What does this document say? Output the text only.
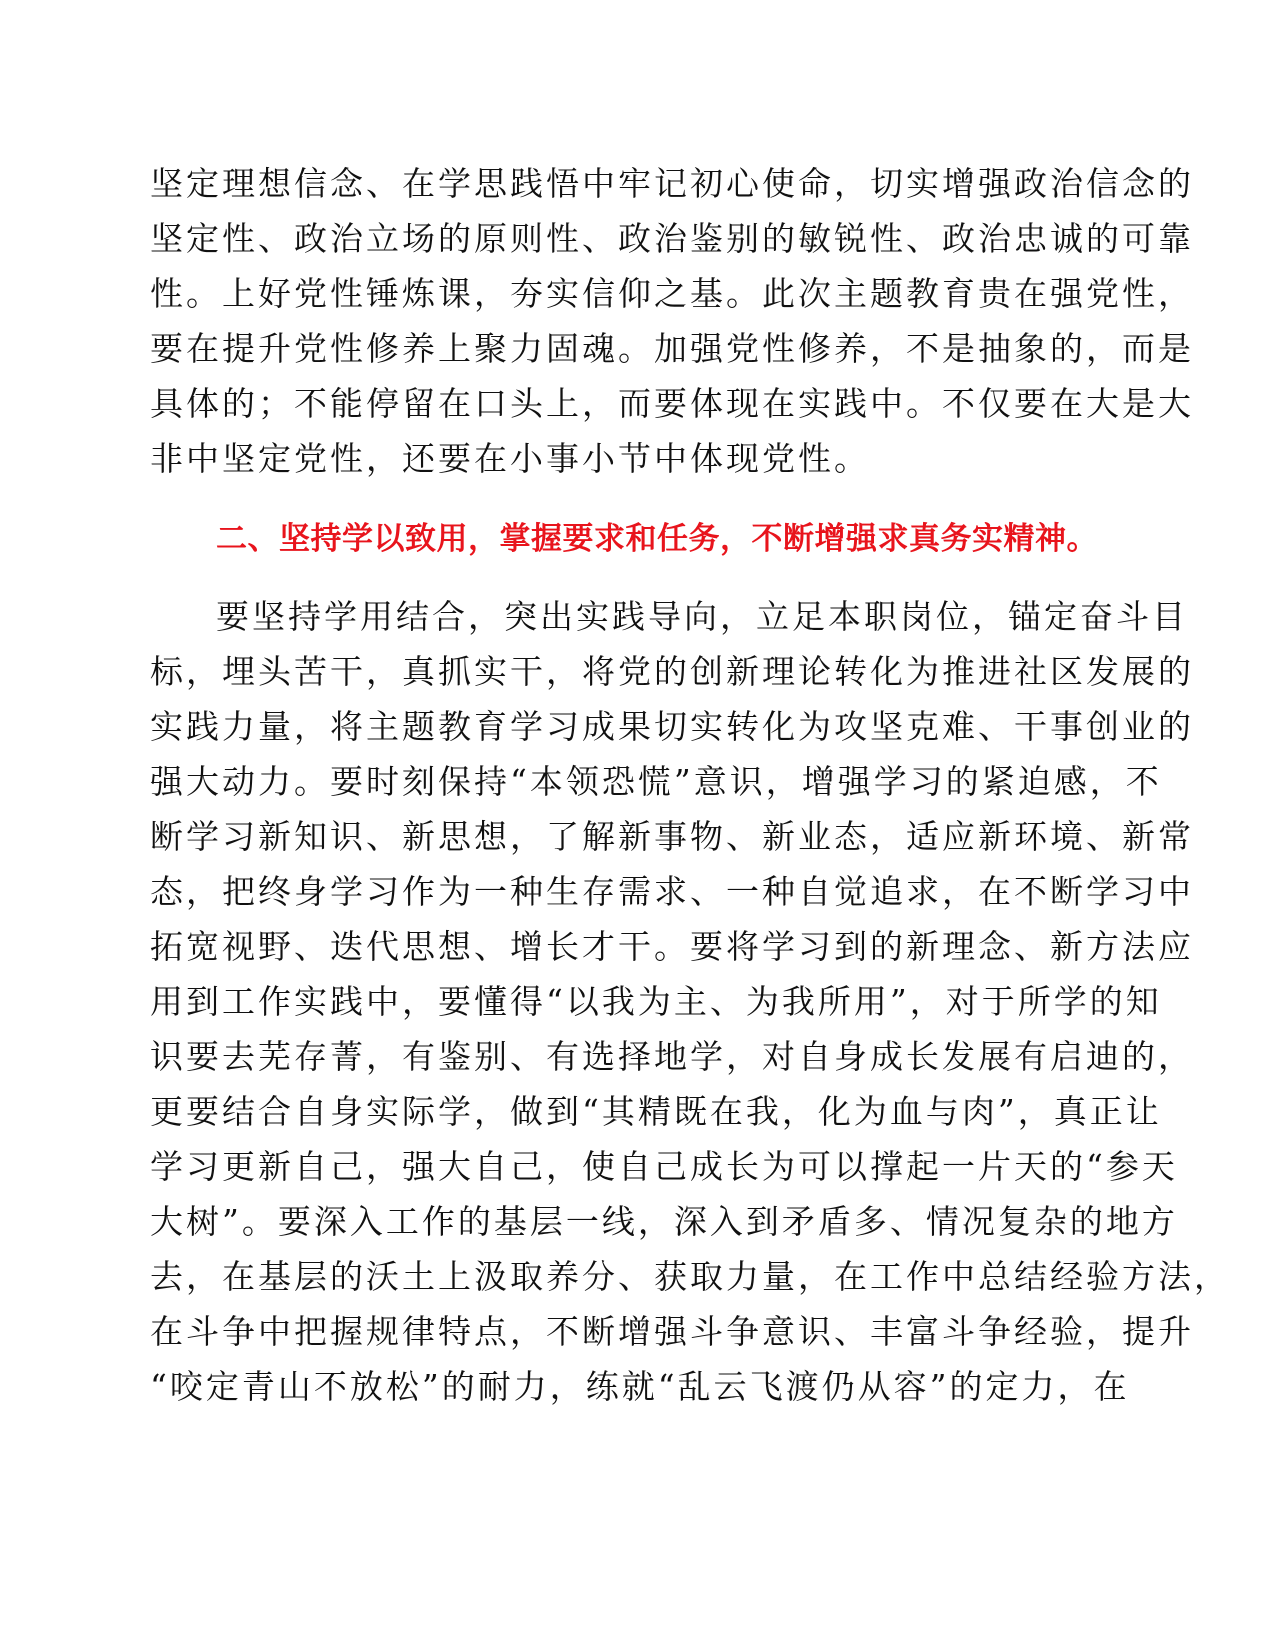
坚定理想信念、在学思践悟中牢记初心使命，切实增强政治信念的
坚定性、政治立场的原则性、政治鉴别的敏锐性、政治忠诚的可靠
性。上好党性锤炼课，夯实信仰之基。此次主题教育贵在强党性，
要在提升党性修养上聚力固魂。加强党性修养，不是抽象的，而是
具体的；不能停留在口头上，而要体现在实践中。不仅要在大是大
非中坚定党性，还要在小事小节中体现党性。
二、坚持学以致用，掌握要求和任务，不断增强求真务实精神。
要坚持学用结合，突出实践导向，立足本职岗位，锚定奋斗目
标，埋头苦干，真抓实干，将党的创新理论转化为推进社区发展的
实践力量，将主题教育学习成果切实转化为攻坚克难、干事创业的
强大动力。要时刻保持“本领恐慌”意识，增强学习的紧迫感，不
断学习新知识、新思想，了解新事物、新业态，适应新环境、新常
态，把终身学习作为一种生存需求、一种自觉追求，在不断学习中
拓宽视野、迭代思想、增长才干。要将学习到的新理念、新方法应
用到工作实践中，要懂得“以我为主、为我所用”，对于所学的知
识要去芜存菁，有鉴别、有选择地学，对自身成长发展有启迪的，
更要结合自身实际学，做到“其精既在我，化为血与肉”，真正让
学习更新自己，强大自己，使自己成长为可以撑起一片天的“参天
大树”。要深入工作的基层一线，深入到矛盾多、情况复杂的地方
去，在基层的沃土上汲取养分、获取力量，在工作中总结经验方法，
在斗争中把握规律特点，不断增强斗争意识、丰富斗争经验，提升
“咬定青山不放松”的耐力，练就“乱云飞渡仍从容”的定力，在
